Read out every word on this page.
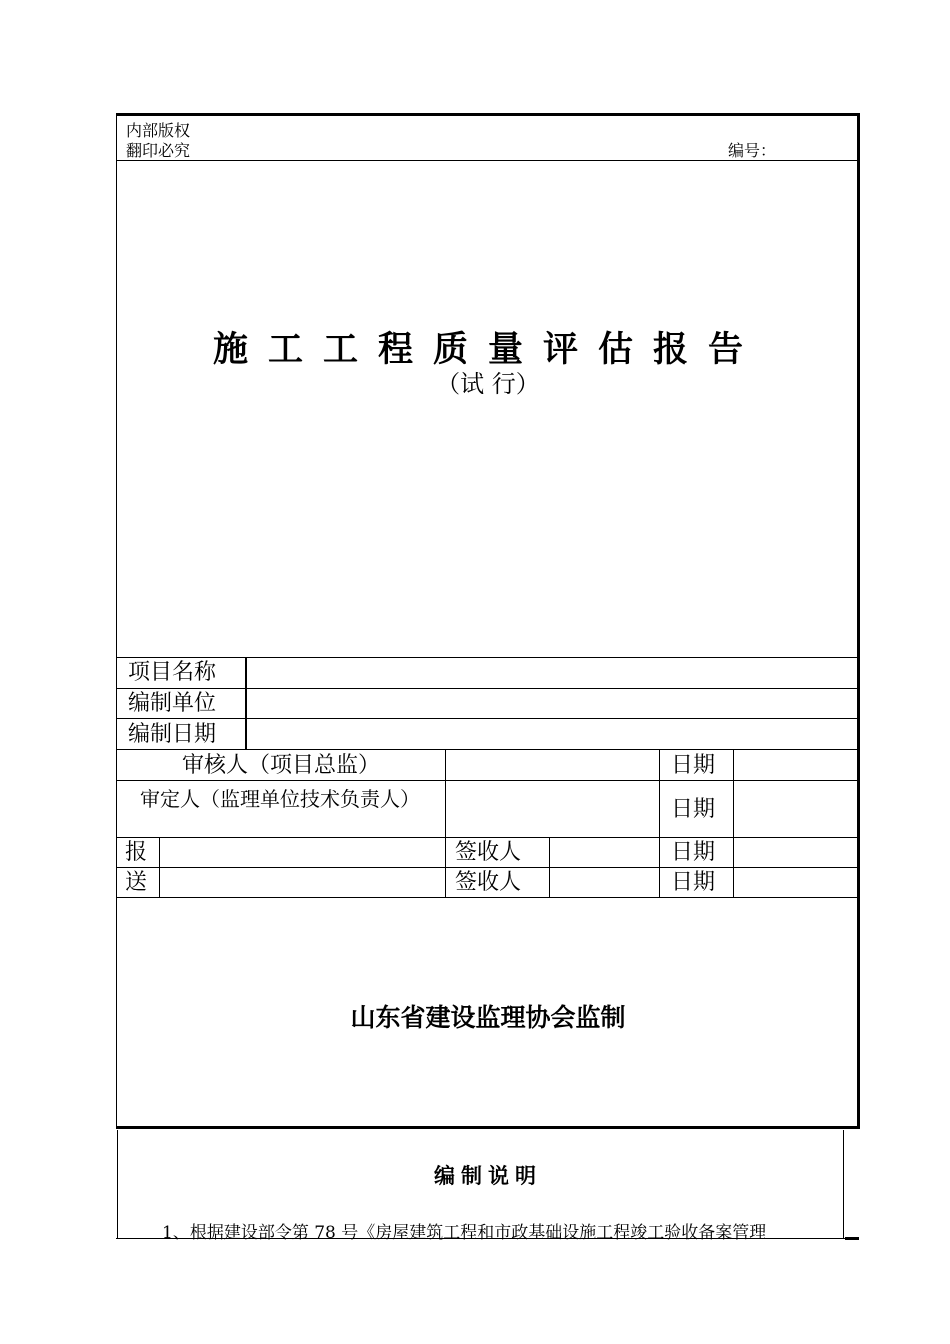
内部版权
翻印必究	编号：
施工工程质量评估报告
（试 行）
项目名称
编制单位
编制日期
审核人（项目总监）	日期
审定人（监理单位技术负责人）	日期
报	签收人	日期
送	签收人	日期
山东省建设监理协会监制
编制说明
1、根据建设部令第 78 号《房屋建筑工程和市政基础设施工程竣工验收备案管理
